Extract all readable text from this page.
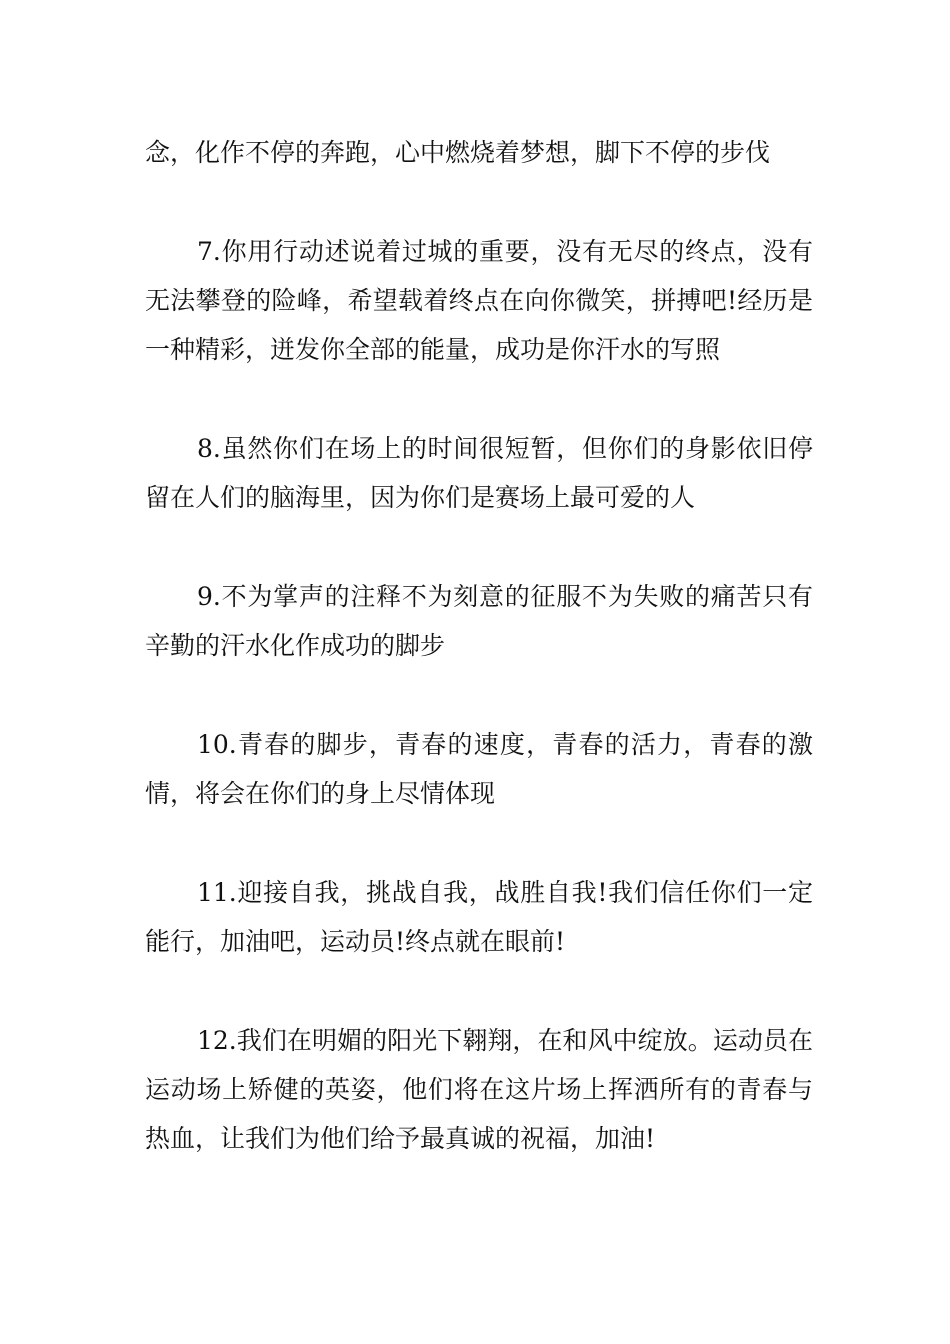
念，化作不停的奔跑，心中燃烧着梦想，脚下不停的步伐

7.你用行动述说着过城的重要，没有无尽的终点，没有无法攀登的险峰，希望载着终点在向你微笑，拼搏吧!经历是一种精彩，迸发你全部的能量，成功是你汗水的写照

8.虽然你们在场上的时间很短暂，但你们的身影依旧停留在人们的脑海里，因为你们是赛场上最可爱的人

9.不为掌声的注释不为刻意的征服不为失败的痛苦只有辛勤的汗水化作成功的脚步

10.青春的脚步，青春的速度，青春的活力，青春的激情，将会在你们的身上尽情体现

11.迎接自我，挑战自我，战胜自我!我们信任你们一定能行，加油吧，运动员!终点就在眼前!

12.我们在明媚的阳光下翱翔，在和风中绽放。运动员在运动场上矫健的英姿，他们将在这片场上挥洒所有的青春与热血，让我们为他们给予最真诚的祝福，加油!
